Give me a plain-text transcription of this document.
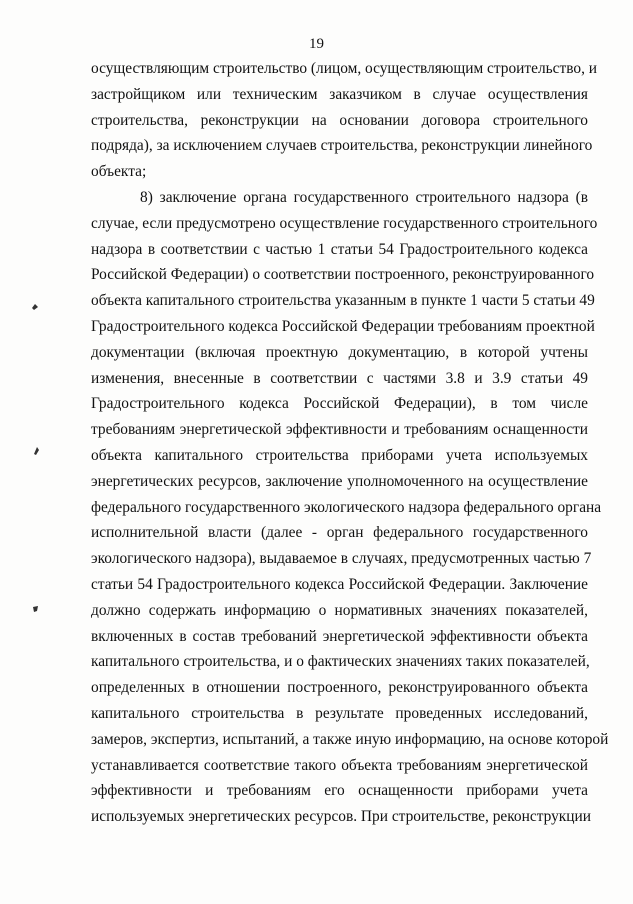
19
осуществляющим строительство (лицом, осуществляющим строительство, и
застройщиком или техническим заказчиком в случае осуществления
строительства, реконструкции на основании договора строительного
подряда), за исключением случаев строительства, реконструкции линейного
объекта;
8) заключение органа государственного строительного надзора (в
случае, если предусмотрено осуществление государственного строительного
надзора в соответствии с частью 1 статьи 54 Градостроительного кодекса
Российской Федерации) о соответствии построенного, реконструированного
объекта капитального строительства указанным в пункте 1 части 5 статьи 49
Градостроительного кодекса Российской Федерации требованиям проектной
документации (включая проектную документацию, в которой учтены
изменения, внесенные в соответствии с частями 3.8 и 3.9 статьи 49
Градостроительного кодекса Российской Федерации), в том числе
требованиям энергетической эффективности и требованиям оснащенности
объекта капитального строительства приборами учета используемых
энергетических ресурсов, заключение уполномоченного на осуществление
федерального государственного экологического надзора федерального органа
исполнительной власти (далее - орган федерального государственного
экологического надзора), выдаваемое в случаях, предусмотренных частью 7
статьи 54 Градостроительного кодекса Российской Федерации. Заключение
должно содержать информацию о нормативных значениях показателей,
включенных в состав требований энергетической эффективности объекта
капитального строительства, и о фактических значениях таких показателей,
определенных в отношении построенного, реконструированного объекта
капитального строительства в результате проведенных исследований,
замеров, экспертиз, испытаний, а также иную информацию, на основе которой
устанавливается соответствие такого объекта требованиям энергетической
эффективности и требованиям его оснащенности приборами учета
используемых энергетических ресурсов. При строительстве, реконструкции
